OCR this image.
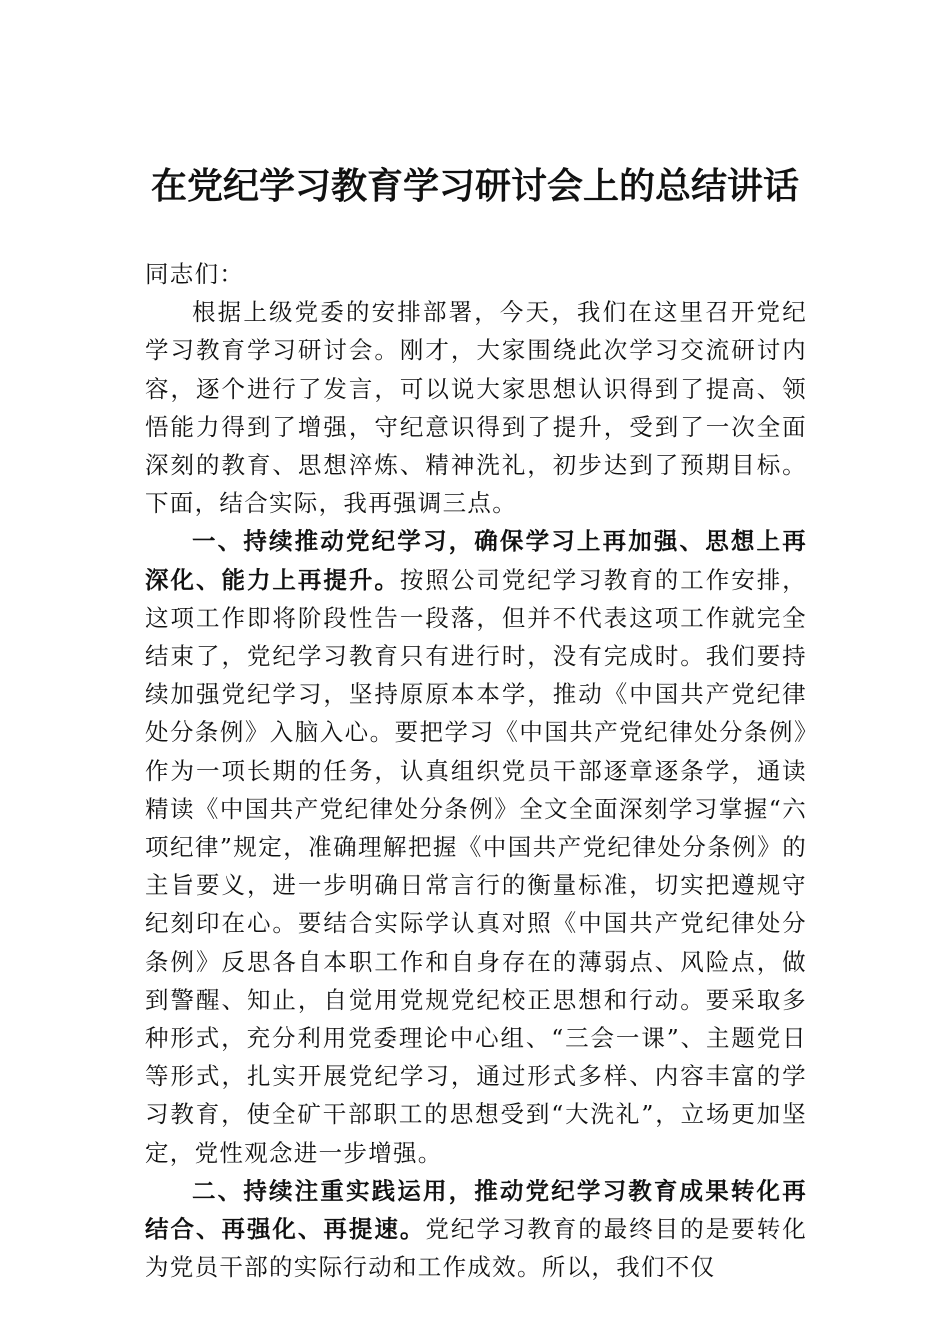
在党纪学习教育学习研讨会上的总结讲话

同志们：

根据上级党委的安排部署，今天，我们在这里召开党纪学习教育学习研讨会。刚才，大家围绕此次学习交流研讨内容，逐个进行了发言，可以说大家思想认识得到了提高、领悟能力得到了增强，守纪意识得到了提升，受到了一次全面深刻的教育、思想淬炼、精神洗礼，初步达到了预期目标。下面，结合实际，我再强调三点。

一、持续推动党纪学习，确保学习上再加强、思想上再深化、能力上再提升。按照公司党纪学习教育的工作安排，这项工作即将阶段性告一段落，但并不代表这项工作就完全结束了，党纪学习教育只有进行时，没有完成时。我们要持续加强党纪学习，坚持原原本本学，推动《中国共产党纪律处分条例》入脑入心。要把学习《中国共产党纪律处分条例》作为一项长期的任务，认真组织党员干部逐章逐条学，通读精读《中国共产党纪律处分条例》全文全面深刻学习掌握“六项纪律”规定，准确理解把握《中国共产党纪律处分条例》的主旨要义，进一步明确日常言行的衡量标准，切实把遵规守纪刻印在心。要结合实际学认真对照《中国共产党纪律处分条例》反思各自本职工作和自身存在的薄弱点、风险点，做到警醒、知止，自觉用党规党纪校正思想和行动。要采取多种形式，充分利用党委理论中心组、“三会一课”、主题党日等形式，扎实开展党纪学习，通过形式多样、内容丰富的学习教育，使全矿干部职工的思想受到“大洗礼”，立场更加坚定，党性观念进一步增强。

二、持续注重实践运用，推动党纪学习教育成果转化再结合、再强化、再提速。党纪学习教育的最终目的是要转化为党员干部的实际行动和工作成效。所以，我们不仅
